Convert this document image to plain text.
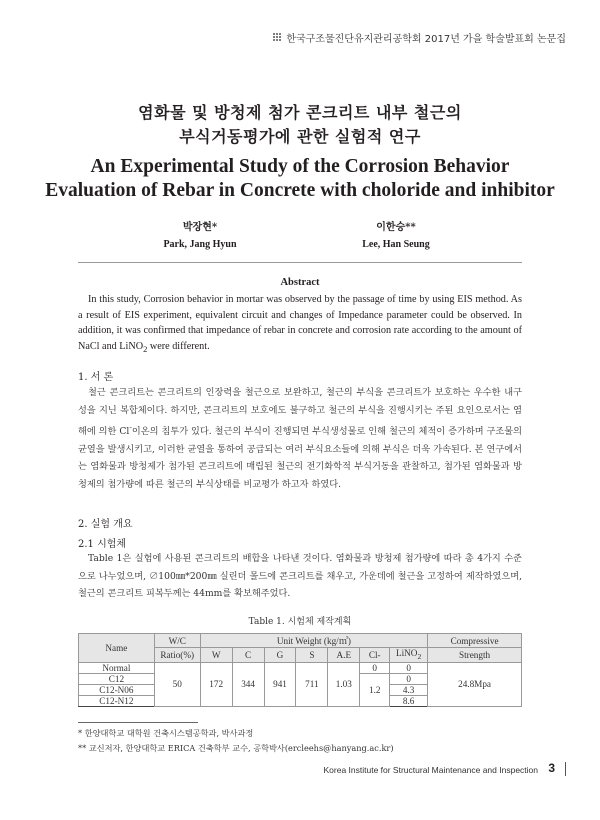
한국구조물진단유지관리공학회 2017년 가을 학술발표회 논문집
염화물 및 방청제 첨가 콘크리트 내부 철근의
부식거동평가에 관한 실험적 연구
An Experimental Study of the Corrosion Behavior
Evaluation of Rebar in Concrete with choloride and inhibitor
박장현*
Park, Jang Hyun
이한승**
Lee, Han Seung
Abstract
In this study, Corrosion behavior in mortar was observed by the passage of time by using EIS method. As a result of EIS experiment, equivalent circuit and changes of Impedance parameter could be observed. In addition, it was confirmed that impedance of rebar in concrete and corrosion rate according to the amount of NaCl and LiNO$_2$ were different.
1. 서 론
철근 콘크리트는 콘크리트의 인장력을 철근으로 보완하고, 철근의 부식을 콘크리트가 보호하는 우수한 내구성을 지닌 복합체이다. 하지만, 콘크리트의 보호에도 불구하고 철근의 부식을 진행시키는 주된 요인으로서는 염해에 의한 Cl-이온의 침투가 있다. 철근의 부식이 진행되면 부식생성물로 인해 철근의 체적이 증가하며 구조물의 균열을 발생시키고, 이러한 균열을 통하여 공급되는 여러 부식요소들에 의해 부식은 더욱 가속된다. 본 연구에서는 염화물과 방청제가 첨가된 콘크리트에 매립된 철근의 전기화학적 부식거동을 관찰하고, 첨가된 염화물과 방청제의 첨가량에 따른 철근의 부식상태를 비교평가 하고자 하였다.
2. 실험 개요
2.1 시험체
Table 1은 실험에 사용된 콘크리트의 배합을 나타낸 것이다. 염화물과 방청제 첨가량에 따라 총 4가지 수준으로 나누었으며, ∅100㎜*200㎜ 실린더 몰드에 콘크리트를 채우고, 가운데에 철근을 고정하여 제작하였으며, 철근의 콘크리트 피복두께는 44mm를 확보해주었다.
Table 1. 시험체 제작계획
Name	W/C	Unit Weight (kg/㎥)							Compressive
	Ratio(%)	W	C	G	S	A.E	Cl-	LiNO$_2$	Strength
Normal	50	172	344	941	711	1.03	0	0	24.8Mpa
C12							1.2	0	
C12-N06								4.3	
C12-N12								8.6	
* 한양대학교 대학원 건축시스템공학과, 박사과정
** 교신저자, 한양대학교 ERICA 건축학부 교수, 공학박사(ercleehs@hanyang.ac.kr)
Korea Institute for Structural Maintenance and Inspection 3
